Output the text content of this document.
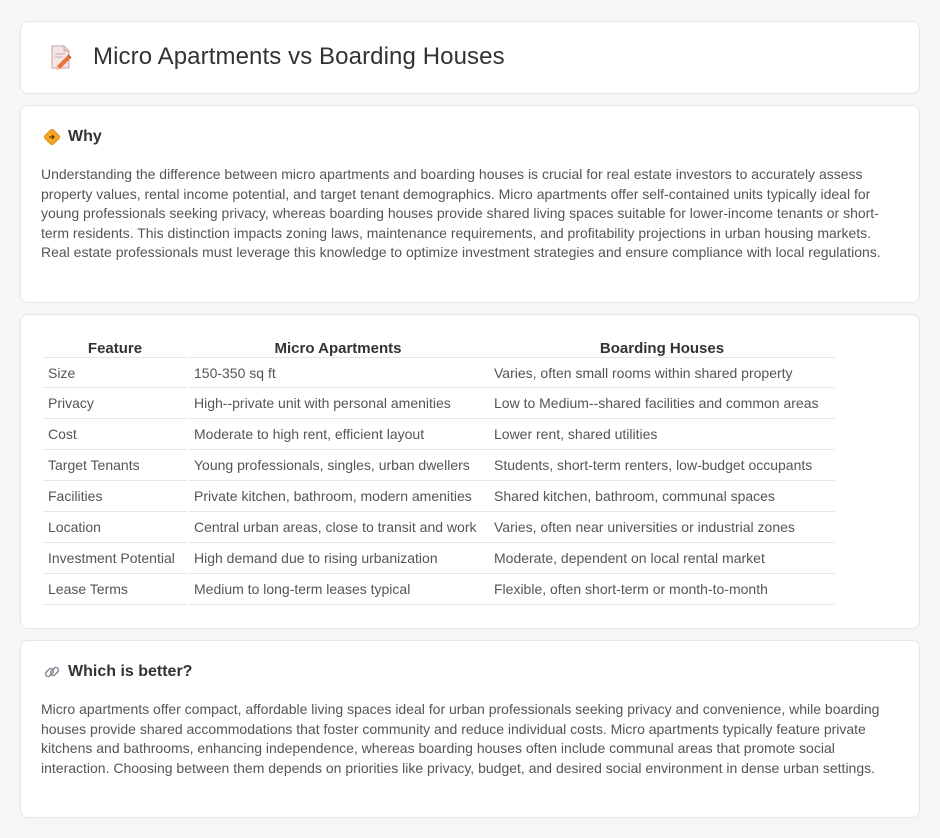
Micro Apartments vs Boarding Houses
Why

Understanding the difference between micro apartments and boarding houses is crucial for real estate investors to accurately assess property values, rental income potential, and target tenant demographics. Micro apartments offer self-contained units typically ideal for young professionals seeking privacy, whereas boarding houses provide shared living spaces suitable for lower-income tenants or short-term residents. This distinction impacts zoning laws, maintenance requirements, and profitability projections in urban housing markets. Real estate professionals must leverage this knowledge to optimize investment strategies and ensure compliance with local regulations.

Feature	Micro Apartments	Boarding Houses
Size	150-350 sq ft	Varies, often small rooms within shared property
Privacy	High--private unit with personal amenities	Low to Medium--shared facilities and common areas
Cost	Moderate to high rent, efficient layout	Lower rent, shared utilities
Target Tenants	Young professionals, singles, urban dwellers	Students, short-term renters, low-budget occupants
Facilities	Private kitchen, bathroom, modern amenities	Shared kitchen, bathroom, communal spaces
Location	Central urban areas, close to transit and work	Varies, often near universities or industrial zones
Investment Potential	High demand due to rising urbanization	Moderate, dependent on local rental market
Lease Terms	Medium to long-term leases typical	Flexible, often short-term or month-to-month
Which is better?

Micro apartments offer compact, affordable living spaces ideal for urban professionals seeking privacy and convenience, while boarding houses provide shared accommodations that foster community and reduce individual costs. Micro apartments typically feature private kitchens and bathrooms, enhancing independence, whereas boarding houses often include communal areas that promote social interaction. Choosing between them depends on priorities like privacy, budget, and desired social environment in dense urban settings.
